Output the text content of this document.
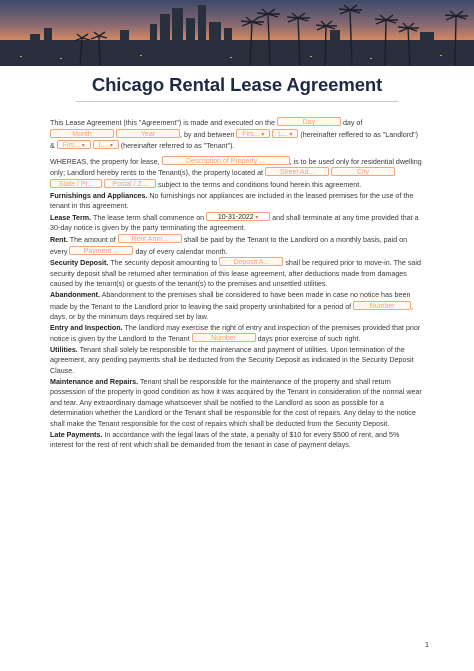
Chicago Rental Lease Agreement

This Lease Agreement (this "Agreement") is made and executed on the	Day	day of Month	Year	, by and between Firs... ▾	L... ▾ (hereinafter reffered to as "Landlord") & Firs... ▾	L... ▾ (hereinafter referred to as "Tenant").

WHEREAS, the property for lease,	Description of Property ...	, is to be used only for residential dwelling only; Landlord hereby rents to the Tenant(s), the property located at Street Ad...	City State / Pr...	Postal / Z... subject to the terms and conditions found herein this agreement.

Furnishings and Appliances. No furnishings nor appliances are included in the leased premises for the use of the tenant in this agreement.

Lease Term. The lease term shall commence on 10-31-2022 ▾	and shall terminate at any time provided that a 30-day notice is given by the party terminating the agreement.

Rent. The amount of Rent Amo... shall be paid by the Tenant to the Landlord on a monthly basis, paid on every Payment ... day of every calendar month.

Security Deposit. The security deposit amounting to Deposit A... shall be required prior to move-in. The said security deposit shall be returned after termination of this lease agreement, after deductions made from damages caused by the tenant(s) or guests of the tenant(s) to the premises and unsettled utilities.

Abandonment. Abandonment to the premises shall be considered to have been made in case no notice has been made by the Tenant to the Landlord prior to leaving the said property uninhabited for a period of	Number , days, or by the minimum days required set by law.

Entry and Inspection. The landlord may exercise the right of entry and inspection of the premises provided that prior notice is given by the Landlord to the Tenant	Number	days prior exercise of such right.

Utilities. Tenant shall solely be responsible for the maintenance and payment of utilities. Upon termination of the agreement, any pending payments shall be deducted from the Security Deposit as indicated in the Security Deposit Clause.

Maintenance and Repairs. Tenant shall be responsible for the maintenance of the property and shall return possession of the property in good condition as how it was acquired by the Tenant in consideration of the normal wear and tear. Any extraordinary damage whatsoever shall be notified to the Landlord as soon as possible for a determination whether the Landlord or the Tenant shall be responsible for the cost of repairs. Any delay to the notice shall make the Tenant responsible for the cost of repairs which shall be deducted from the Security Deposit.

Late Payments. In accordance with the legal laws of the state, a penalty of $10 for every $500 of rent, and 5% interest for the rest of rent which shall be demanded from the tenant in case of payment delays.

1
